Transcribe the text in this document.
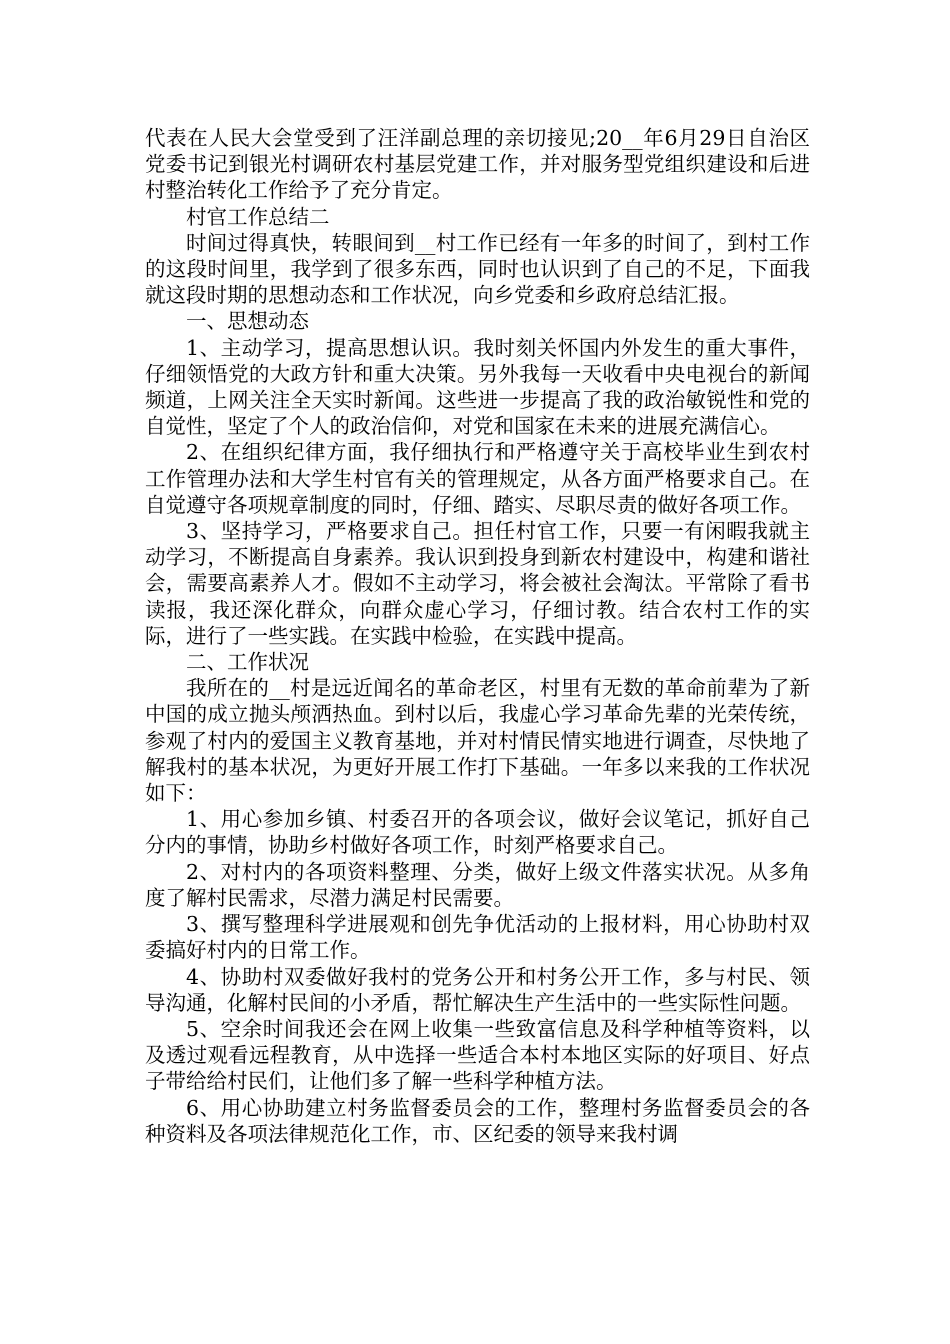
代表在人民大会堂受到了汪洋副总理的亲切接见;20__年6月29日自治区党委书记到银光村调研农村基层党建工作，并对服务型党组织建设和后进村整治转化工作给予了充分肯定。

村官工作总结二

时间过得真快，转眼间到__村工作已经有一年多的时间了，到村工作的这段时间里，我学到了很多东西，同时也认识到了自己的不足，下面我就这段时期的思想动态和工作状况，向乡党委和乡政府总结汇报。

一、思想动态

1、主动学习，提高思想认识。我时刻关怀国内外发生的重大事件，仔细领悟党的大政方针和重大决策。另外我每一天收看中央电视台的新闻频道，上网关注全天实时新闻。这些进一步提高了我的政治敏锐性和党的自觉性，坚定了个人的政治信仰，对党和国家在未来的进展充满信心。

2、在组织纪律方面，我仔细执行和严格遵守关于高校毕业生到农村工作管理办法和大学生村官有关的管理规定，从各方面严格要求自己。在自觉遵守各项规章制度的同时，仔细、踏实、尽职尽责的做好各项工作。

3、坚持学习，严格要求自己。担任村官工作，只要一有闲暇我就主动学习，不断提高自身素养。我认识到投身到新农村建设中，构建和谐社会，需要高素养人才。假如不主动学习，将会被社会淘汰。平常除了看书读报，我还深化群众，向群众虚心学习，仔细讨教。结合农村工作的实际，进行了一些实践。在实践中检验，在实践中提高。

二、工作状况

我所在的__村是远近闻名的革命老区，村里有无数的革命前辈为了新中国的成立抛头颅洒热血。到村以后，我虚心学习革命先辈的光荣传统，参观了村内的爱国主义教育基地，并对村情民情实地进行调查，尽快地了解我村的基本状况，为更好开展工作打下基础。一年多以来我的工作状况如下：

1、用心参加乡镇、村委召开的各项会议，做好会议笔记，抓好自己分内的事情，协助乡村做好各项工作，时刻严格要求自己。

2、对村内的各项资料整理、分类，做好上级文件落实状况。从多角度了解村民需求，尽潜力满足村民需要。

3、撰写整理科学进展观和创先争优活动的上报材料，用心协助村双委搞好村内的日常工作。

4、协助村双委做好我村的党务公开和村务公开工作，多与村民、领导沟通，化解村民间的小矛盾，帮忙解决生产生活中的一些实际性问题。

5、空余时间我还会在网上收集一些致富信息及科学种植等资料，以及透过观看远程教育，从中选择一些适合本村本地区实际的好项目、好点子带给给村民们，让他们多了解一些科学种植方法。

6、用心协助建立村务监督委员会的工作，整理村务监督委员会的各种资料及各项法律规范化工作，市、区纪委的领导来我村调
